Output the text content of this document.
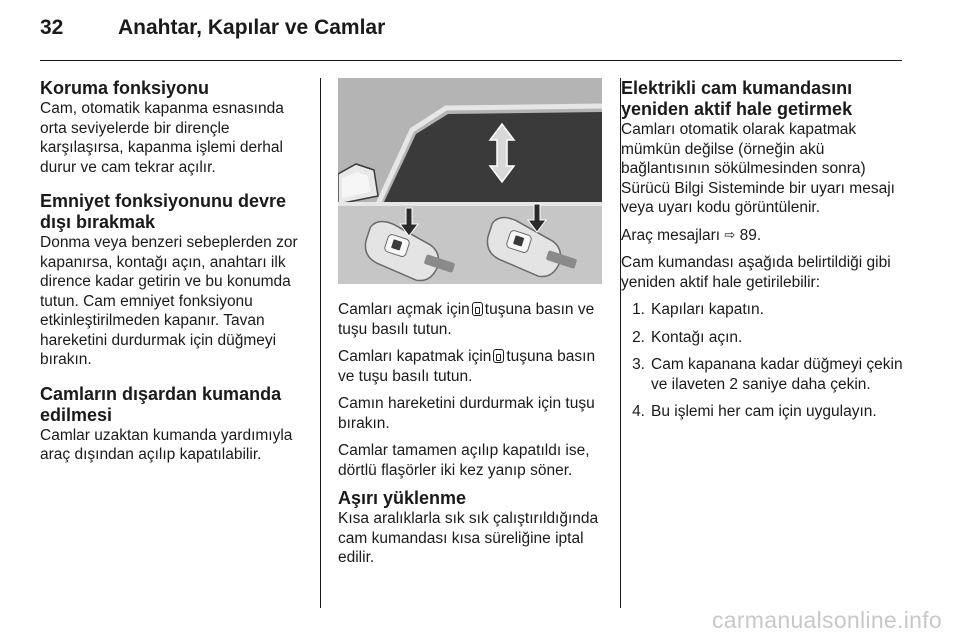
32	Anahtar, Kapılar ve Camlar
Koruma fonksiyonu

Cam, otomatik kapanma esnasında orta seviyelerde bir dirençle karşılaşırsa, kapanma işlemi derhal durur ve cam tekrar açılır.

Emniyet fonksiyonunu devre dışı bırakmak

Donma veya benzeri sebeplerden zor kapanırsa, kontağı açın, anahtarı ilk dirence kadar getirin ve bu konumda tutun. Cam emniyet fonksiyonu etkinleştirilmeden kapanır. Tavan hareketini durdurmak için düğmeyi bırakın.

Camların dışardan kumanda edilmesi

Camlar uzaktan kumanda yardımıyla araç dışından açılıp kapatılabilir.

Camları açmak için tuşuna basın ve tuşu basılı tutun.

Camları kapatmak için tuşuna basın ve tuşu basılı tutun.

Camın hareketini durdurmak için tuşu bırakın.

Camlar tamamen açılıp kapatıldı ise, dörtlü flaşörler iki kez yanıp söner.

Aşırı yüklenme

Kısa aralıklarla sık sık çalıştırıldığında cam kumandası kısa süreliğine iptal edilir.

Elektrikli cam kumandasını yeniden aktif hale getirmek

Camları otomatik olarak kapatmak mümkün değilse (örneğin akü bağlantısının sökülmesinden sonra) Sürücü Bilgi Sisteminde bir uyarı mesajı veya uyarı kodu görüntülenir.

Araç mesajları ⇨ 89.

Cam kumandası aşağıda belirtildiği gibi yeniden aktif hale getirilebilir:

1. Kapıları kapatın.
2. Kontağı açın.
3. Cam kapanana kadar düğmeyi çekin ve ilaveten 2 saniye daha çekin.
4. Bu işlemi her cam için uygulayın.
carmanualsonline.info
